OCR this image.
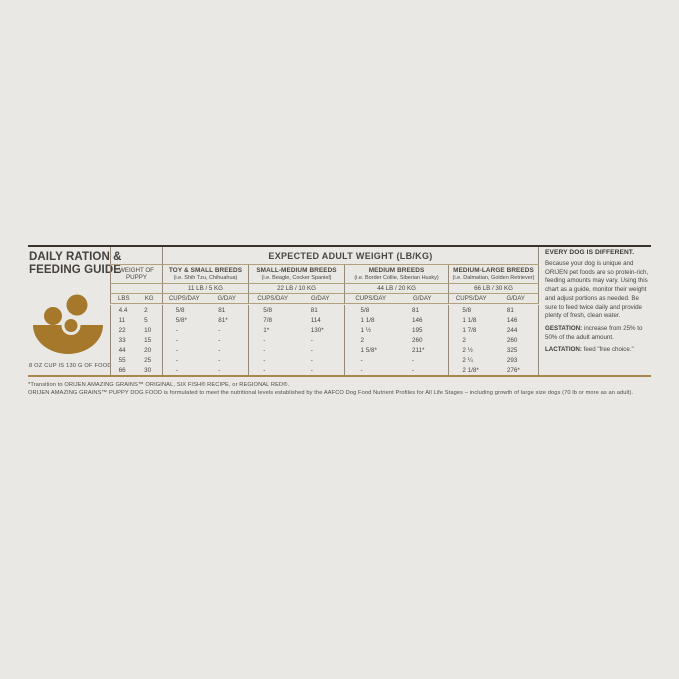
DAILY RATION &
FEEDING GUIDE
8 OZ CUP IS 130 G OF FOOD
EXPECTED ADULT WEIGHT (LB/KG)
WEIGHT OF
PUPPY
TOY & SMALL BREEDS
(i.e. Shih Tzu, Chihuahua)
SMALL-MEDIUM BREEDS
(i.e. Beagle, Cocker Spaniel)
MEDIUM BREEDS
(i.e. Border Collie, Siberian Husky)
MEDIUM-LARGE BREEDS
(i.e. Dalmatian, Golden Retriever)
11 LB / 5 KG	22 LB / 10 KG	44 LB / 20 KG	66 LB / 30 KG
LBS	KG	CUPS/DAY	G/DAY	CUPS/DAY	G/DAY	CUPS/DAY	G/DAY	CUPS/DAY	G/DAY
4.4	2	5/8	81	5/8	81	5/8	81	5/8	81
11	5	5/8*	81*	7/8	114	1 1/8	146	1 1/8	146
22	10	-	-	1*	130*	1 ½	195	1 7/8	244
33	15	-	-	-	-	2	260	2	260
44	20	-	-	-	-	1 5/8*	211*	2 ½	325
55	25	-	-	-	-	-	-	2 ¼	293
66	30	-	-	-	-	-	-	2 1/8*	276*
EVERY DOG IS DIFFERENT.
Because your dog is unique and ORIJEN pet foods are so protein-rich, feeding amounts may vary. Using this chart as a guide, monitor their weight and adjust portions as needed. Be sure to feed twice daily and provide plenty of fresh, clean water.
GESTATION: increase from 25% to 50% of the adult amount.
LACTATION: feed "free choice."
*Transition to ORIJEN AMAZING GRAINS™ ORIGINAL, SIX FISH® RECIPE, or REGIONAL RED®.
ORIJEN AMAZING GRAINS™ PUPPY DOG FOOD is formulated to meet the nutritional levels established by the AAFCO Dog Food Nutrient Profiles for All Life Stages – including growth of large size dogs (70 lb or more as an adult).
